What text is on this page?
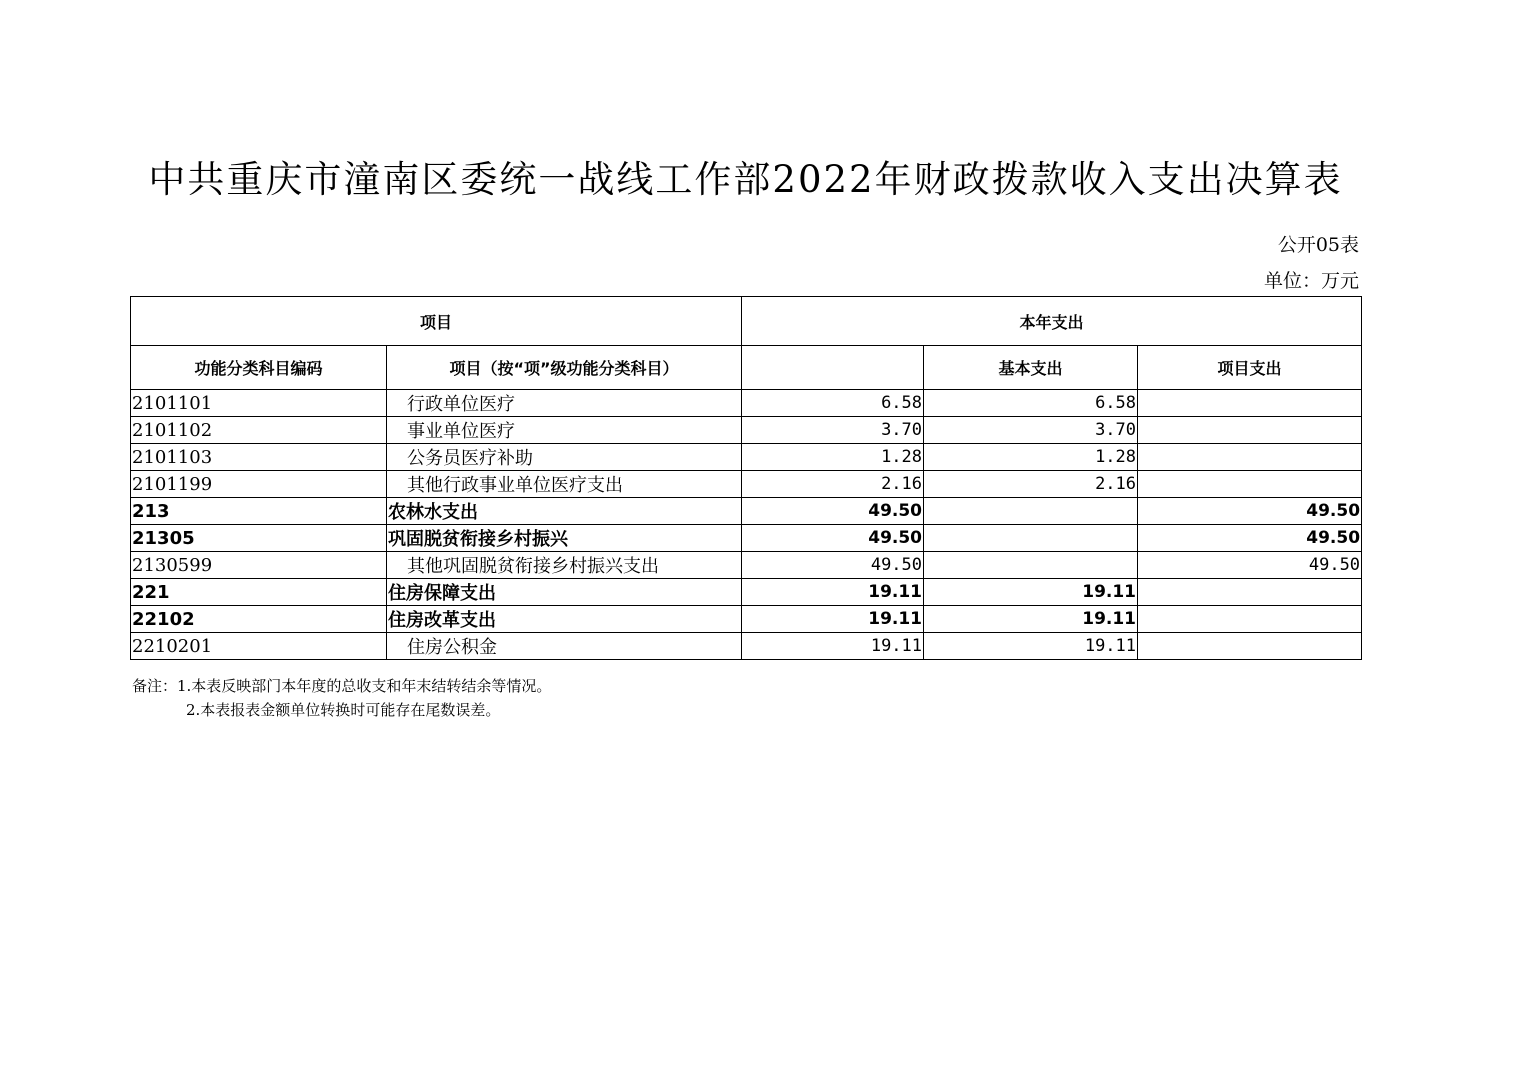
中共重庆市潼南区委统一战线工作部2022年财政拨款收入支出决算表
公开05表
单位：万元
项目		本年支出		
功能分类科目编码	项目（按“项”级功能分类科目）		基本支出	项目支出
2101101	行政单位医疗	6.58	6.58	
2101102	事业单位医疗	3.70	3.70	
2101103	公务员医疗补助	1.28	1.28	
2101199	其他行政事业单位医疗支出	2.16	2.16	
213	农林水支出	49.50		49.50
21305	巩固脱贫衔接乡村振兴	49.50		49.50
2130599	其他巩固脱贫衔接乡村振兴支出	49.50		49.50
221	住房保障支出	19.11	19.11	
22102	住房改革支出	19.11	19.11	
2210201	住房公积金	19.11	19.11	
备注：1.本表反映部门本年度的总收支和年末结转结余等情况。
2.本表报表金额单位转换时可能存在尾数误差。
